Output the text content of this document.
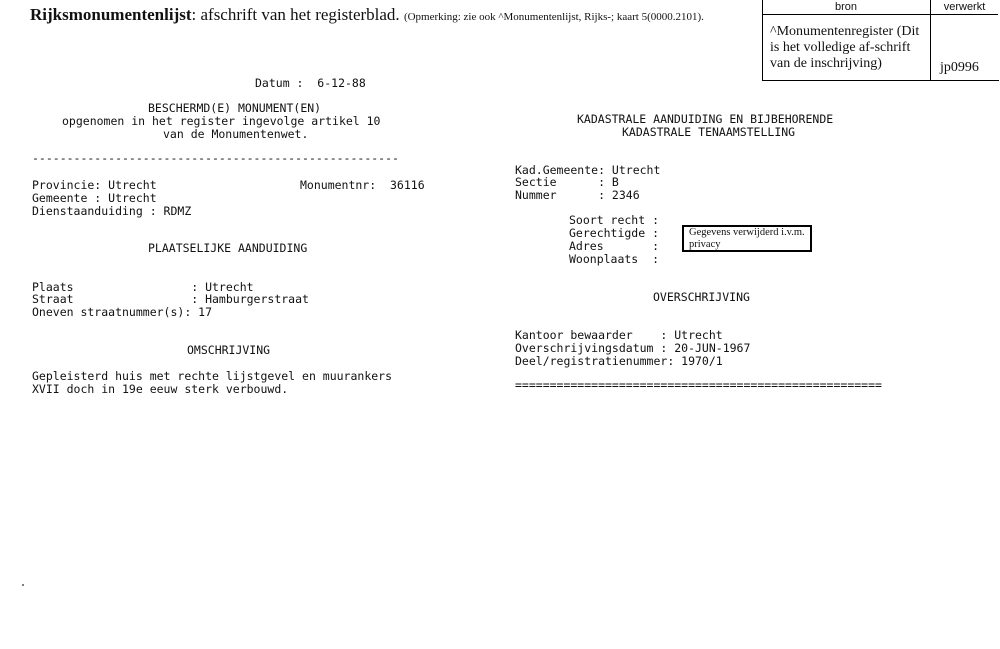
Rijksmonumentenlijst: afschrift van het registerblad. (Opmerking: zie ook ^Monumentenlijst, Rijks-; kaart 5(0000.2101).
bron	verwerkt
^Monumentenregister (Dit is het volledige af-schrift van de inschrijving)	jp0996
Datum :  6-12-88
BESCHERMD(E) MONUMENT(EN)
opgenomen in het register ingevolge artikel 10
van de Monumentenwet.
-----------------------------------------------------
Provincie: Utrecht	Monumentnr:  36116
Gemeente : Utrecht
Dienstaanduiding : RDMZ
PLAATSELIJKE AANDUIDING
Plaats                 : Utrecht
Straat                 : Hamburgerstraat
Oneven straatnummer(s): 17
OMSCHRIJVING
Gepleisterd huis met rechte lijstgevel en muurankers
XVII doch in 19e eeuw sterk verbouwd.
KADASTRALE AANDUIDING EN BIJBEHORENDE
KADASTRALE TENAAMSTELLING
Kad.Gemeente: Utrecht
Sectie      : B
Nummer      : 2346
Soort recht :
Gerechtigde :
Adres       :
Woonplaats  :
Gegevens verwijderd i.v.m. privacy
OVERSCHRIJVING
Kantoor bewaarder    : Utrecht
Overschrijvingsdatum : 20-JUN-1967
Deel/registratienummer: 1970/1
=====================================================
